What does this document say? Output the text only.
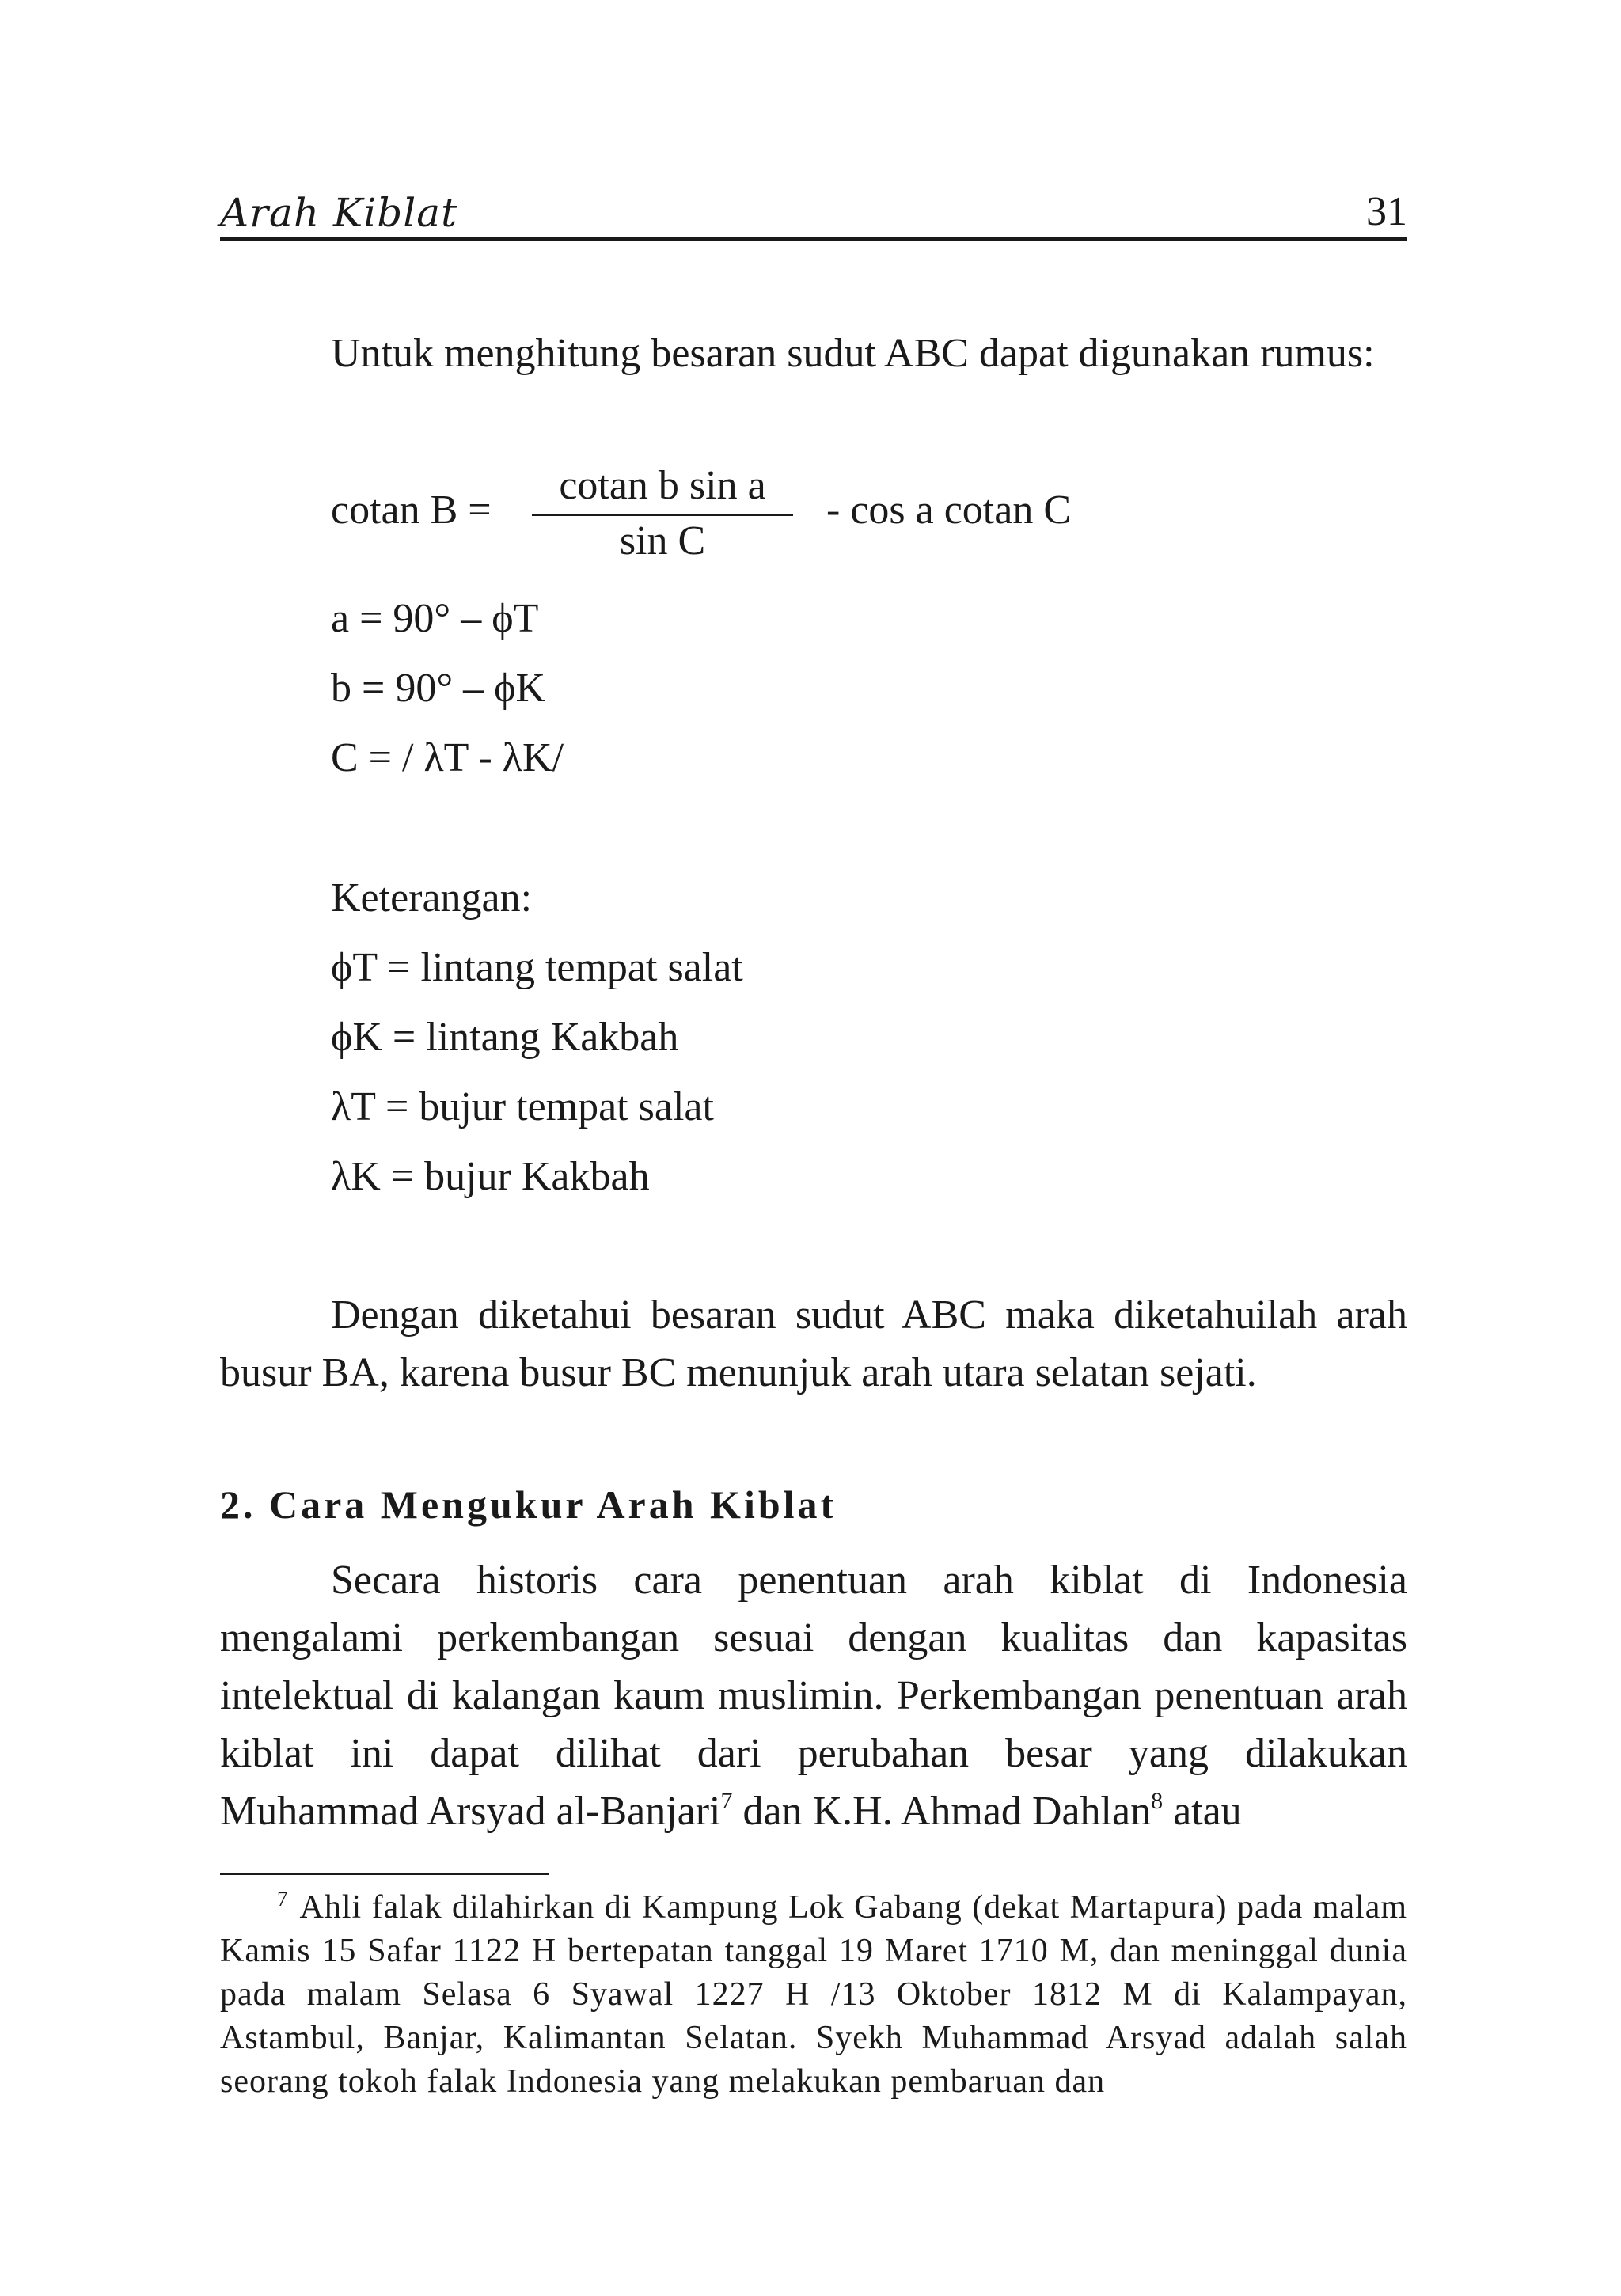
Arah Kiblat	31

Untuk menghitung besaran sudut ABC dapat digunakan rumus:

cotan $B = \frac{\text{cotan b sin a}}{\text{sin C}} - \cos a$ cotan C
a = 90° – ϕT
b = 90° – ϕK
C = / λT - λK/
Keterangan:
ϕT = lintang tempat salat
ϕK = lintang Kakbah
λT = bujur tempat salat
λK = bujur Kakbah

Dengan diketahui besaran sudut ABC maka diketahuilah arah busur BA, karena busur BC menunjuk arah utara selatan sejati.

2. Cara Mengukur Arah Kiblat

Secara historis cara penentuan arah kiblat di Indonesia mengalami perkembangan sesuai dengan kualitas dan kapasitas intelektual di kalangan kaum muslimin. Perkembangan penentuan arah kiblat ini dapat dilihat dari perubahan besar yang dilakukan Muhammad Arsyad al-Banjari$^7$ dan K.H. Ahmad Dahlan$^8$ atau

$^7$ Ahli falak dilahirkan di Kampung Lok Gabang (dekat Martapura) pada malam Kamis 15 Safar 1122 H bertepatan tanggal 19 Maret 1710 M, dan meninggal dunia pada malam Selasa 6 Syawal 1227 H /13 Oktober 1812 M di Kalampayan, Astambul, Banjar, Kalimantan Selatan. Syekh Muhammad Arsyad adalah salah seorang tokoh falak Indonesia yang melakukan pembaruan dan
